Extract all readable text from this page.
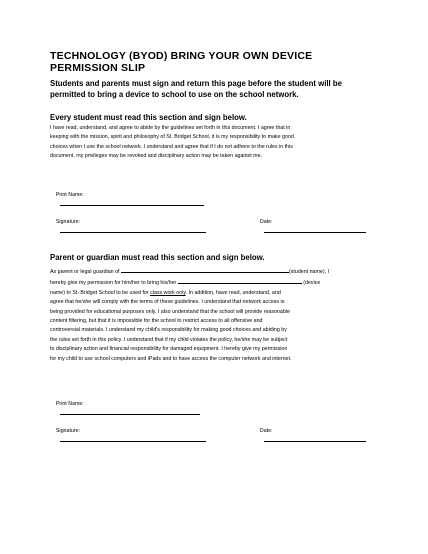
TECHNOLOGY (BYOD) BRING YOUR OWN DEVICE
PERMISSION SLIP
Students and parents must sign and return this page before the student will be
permitted to bring a device to school to use on the school network.
Every student must read this section and sign below.
I have read, understand, and agree to abide by the guidelines set forth in this document. I agree that in
keeping with the mission, spirit and philosophy of St. Bridget School, it is my responsibility to make good
choices when I use the school network. I understand and agree that if I do not adhere to the rules in this
document, my privileges may be revoked and disciplinary action may be taken against me.

Print Name:

Signature:

	Date:

Parent or guardian must read this section and sign below.
As parent or legal guardian of	(student name), I
hereby give my permission for him/her to bring his/her	(device
name) to St. Bridget School to be used for class work only. In addition, have read, understand, and
agree that he/she will comply with the terms of these guidelines. I understand that network access is
being provided for educational purposes only. I also understand that the school will provide reasonable
content filtering, but that it is impossible for the school to restrict access to all offensive and
controversial materials. I understand my child's responsibility for making good choices and abiding by
the rules set forth in this policy. I understand that if my child violates the policy, he/she may be subject
to disciplinary action and financial responsibility for damaged equipment. I hereby give my permission
for my child to use school computers and iPads and to have access the computer network and internet.

Print Name:

Signature:

	Date:
